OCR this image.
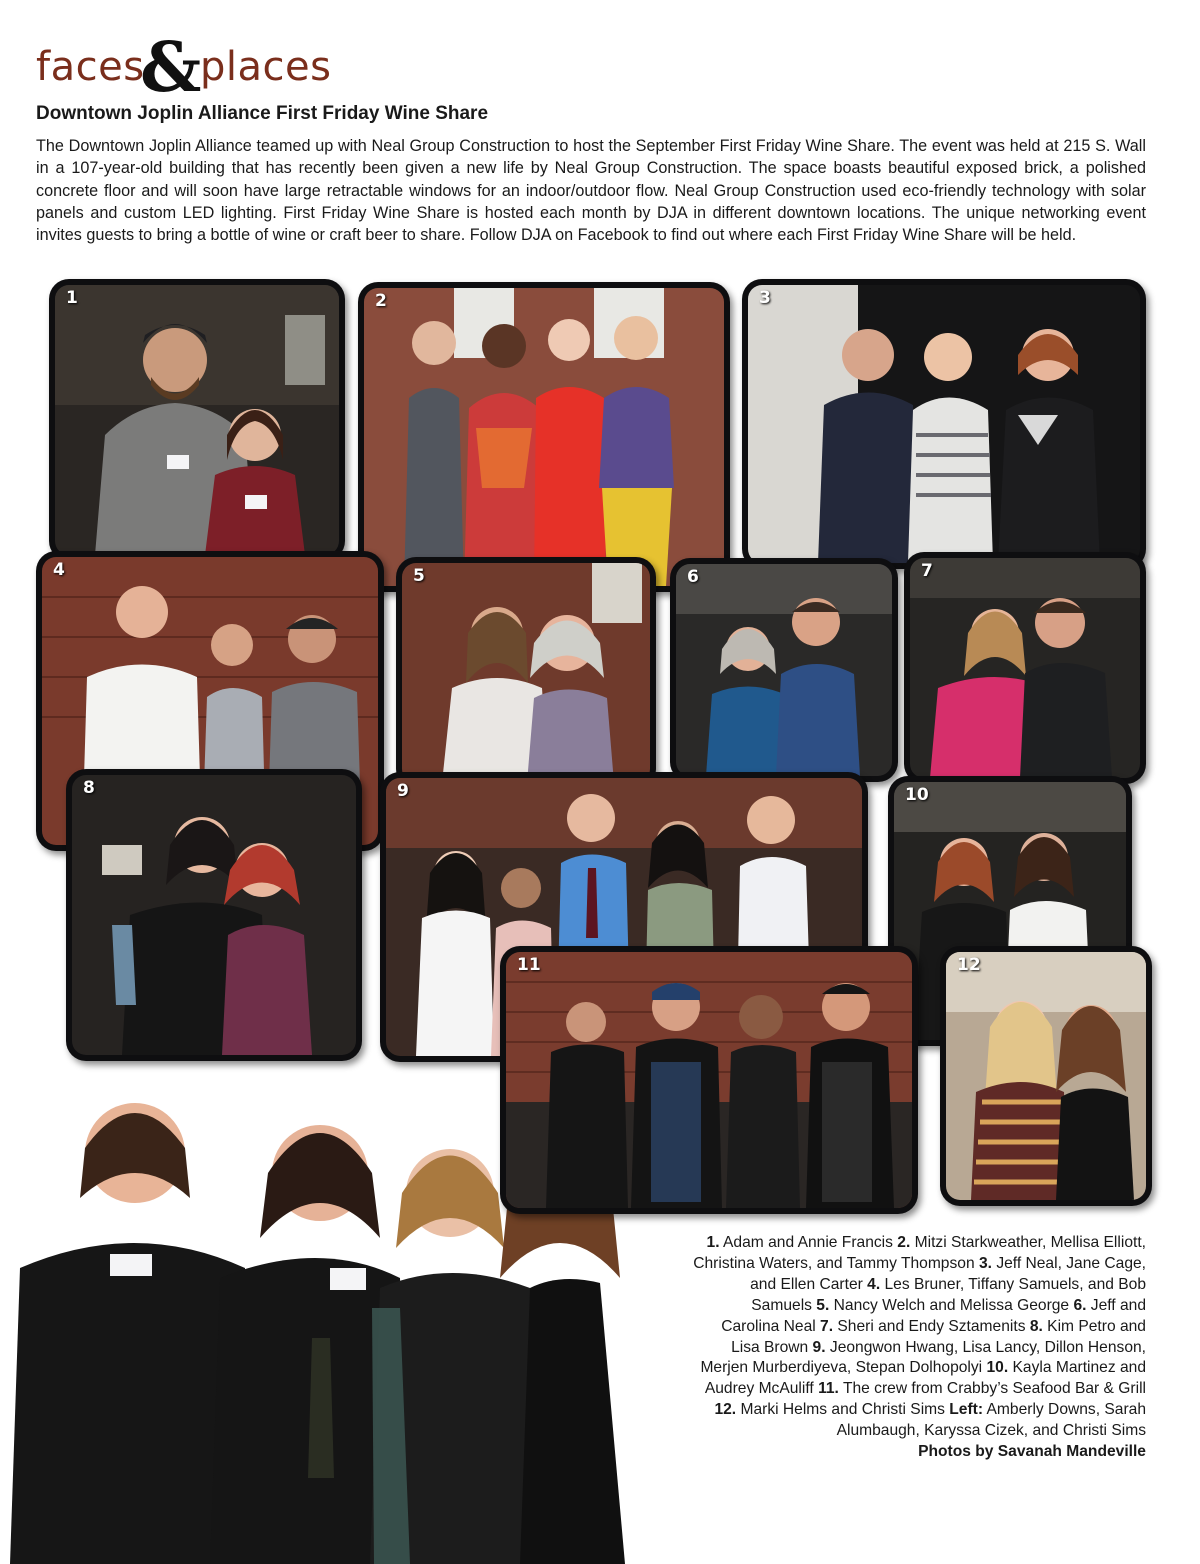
faces
&
places
Downtown Joplin Alliance First Friday Wine Share

The Downtown Joplin Alliance teamed up with Neal Group Construction to host the September First Friday Wine Share. The event was held at 215 S. Wall in a 107-year-old building that has recently been given a new life by Neal Group Construction. The space boasts beautiful exposed brick, a polished concrete floor and will soon have large retractable windows for an indoor/outdoor flow. Neal Group Construction used eco-friendly technology with solar panels and custom LED lighting. First Friday Wine Share is hosted each month by DJA in different downtown locations. The unique networking event invites guests to bring a bottle of wine or craft beer to share. Follow DJA on Facebook to find out where each First Friday Wine Share will be held.

1	2	3
4	5	6	7
8	9	10
11	12

1. Adam and Annie Francis 2. Mitzi Starkweather, Mellisa Elliott, Christina Waters, and Tammy Thompson 3. Jeff Neal, Jane Cage, and Ellen Carter 4. Les Bruner, Tiffany Samuels, and Bob Samuels 5. Nancy Welch and Melissa George 6. Jeff and Carolina Neal 7. Sheri and Endy Sztamenits 8. Kim Petro and Lisa Brown 9. Jeongwon Hwang, Lisa Lancy, Dillon Henson, Merjen Murberdiyeva, Stepan Dolhopolyi 10. Kayla Martinez and Audrey McAuliff 11. The crew from Crabby’s Seafood Bar & Grill 12. Marki Helms and Christi Sims Left: Amberly Downs, Sarah Alumbaugh, Karyssa Cizek, and Christi Sims
Photos by Savanah Mandeville
